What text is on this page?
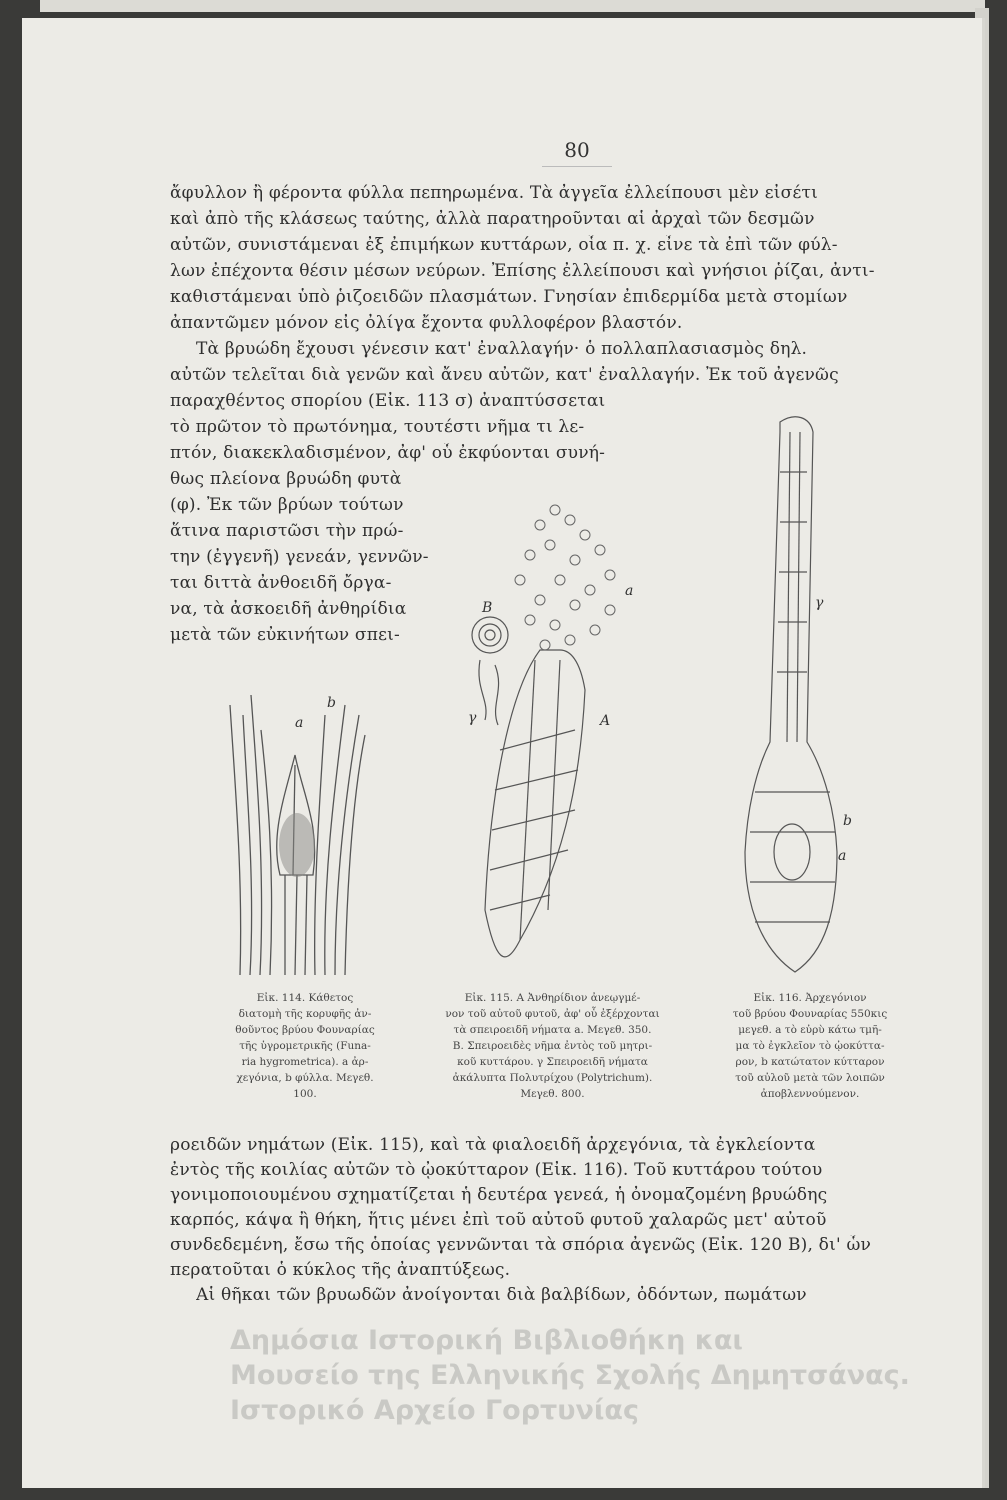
80
ἄφυλλον ἢ φέροντα φύλλα πεπηρωμένα. Τὰ ἀγγεῖα ἐλλείπουσι μὲν εἰσέτι
καὶ ἀπὸ τῆς κλάσεως ταύτης, ἀλλὰ παρατηροῦνται αἱ ἀρχαὶ τῶν δεσμῶν
αὐτῶν, συνιστάμεναι ἐξ ἐπιμήκων κυττάρων, οἷα π. χ. εἶνε τὰ ἐπὶ τῶν φύλ-
λων ἐπέχοντα θέσιν μέσων νεύρων. Ἐπίσης ἐλλείπουσι καὶ γνήσιοι ῥίζαι, ἀντι-
καθιστάμεναι ὑπὸ ῥιζοειδῶν πλασμάτων. Γνησίαν ἐπιδερμίδα μετὰ στομίων
ἀπαντῶμεν μόνον εἰς ὀλίγα ἔχοντα φυλλοφέρον βλαστόν.
Τὰ βρυώδη ἔχουσι γένεσιν κατ' ἐναλλαγήν· ὁ πολλαπλασιασμὸς δηλ.
αὐτῶν τελεῖται διὰ γενῶν καὶ ἄνευ αὐτῶν, κατ' ἐναλλαγήν. Ἐκ τοῦ ἀγενῶς
παραχθέντος σπορίου (Εἰκ. 113 σ) ἀναπτύσσεται
τὸ πρῶτον τὸ πρωτόνημα, τουτέστι νῆμα τι λε-
πτόν, διακεκλαδισμένον, ἀφ' οὗ ἐκφύονται συνή-
θως πλείονα βρυώδη φυτὰ
(φ). Ἐκ τῶν βρύων τούτων
ἅτινα παριστῶσι τὴν πρώ-
την (ἐγγενῆ) γενεάν, γεννῶν-
ται διττὰ ἀνθοειδῆ ὄργα-
να, τὰ ἀσκοειδῆ ἀνθηρίδια
μετὰ τῶν εὐκινήτων σπει-
a
b
a
A
B
γ
γ
b
a
Εἰκ. 114. Κάθετος
διατομὴ τῆς κορυφῆς ἀν-
θοῦντος βρύου Φουναρίας
τῆς ὑγρομετρικῆς (Funa-
ria hygrometrica). a ἀρ-
χεγόνια, b φύλλα. Μεγεθ.
100.
Εἰκ. 115. A Ἀνθηρίδιον ἀνεῳγμέ-
νον τοῦ αὐτοῦ φυτοῦ, ἀφ' οὗ ἐξέρχονται
τὰ σπειροειδῆ νήματα a. Μεγεθ. 350.
B. Σπειροειδὲς νῆμα ἐντὸς τοῦ μητρι-
κοῦ κυττάρου. γ Σπειροειδῆ νήματα
ἀκάλυπτα Πολυτρίχου (Polytrichum).
Μεγεθ. 800.
Εἰκ. 116. Ἀρχεγόνιον
τοῦ βρύου Φουναρίας 550κις
μεγεθ. a τὸ εὐρὺ κάτω τμῆ-
μα τὸ ἐγκλεῖον τὸ ᾠοκύττα-
ρον, b κατώτατον κύτταρον
τοῦ αὐλοῦ μετὰ τῶν λοιπῶν
ἀποβλεννούμενον.
ροειδῶν νημάτων (Εἰκ. 115), καὶ τὰ φιαλοειδῆ ἀρχεγόνια, τὰ ἐγκλείοντα
ἐντὸς τῆς κοιλίας αὐτῶν τὸ ᾠοκύτταρον (Εἰκ. 116). Τοῦ κυττάρου τούτου
γονιμοποιουμένου σχηματίζεται ἡ δευτέρα γενεά, ἡ ὀνομαζομένη βρυώδης
καρπός, κάψα ἢ θήκη, ἥτις μένει ἐπὶ τοῦ αὐτοῦ φυτοῦ χαλαρῶς μετ' αὐτοῦ
συνδεδεμένη, ἔσω τῆς ὁποίας γεννῶνται τὰ σπόρια ἀγενῶς (Εἰκ. 120 B), δι' ὧν
περατοῦται ὁ κύκλος τῆς ἀναπτύξεως.
Αἱ θῆκαι τῶν βρυωδῶν ἀνοίγονται διὰ βαλβίδων, ὀδόντων, πωμάτων
Δημόσια Ιστορική Βιβλιοθήκη και
Μουσείο της Ελληνικής Σχολής Δημητσάνας.
Ιστορικό Αρχείο Γορτυνίας
